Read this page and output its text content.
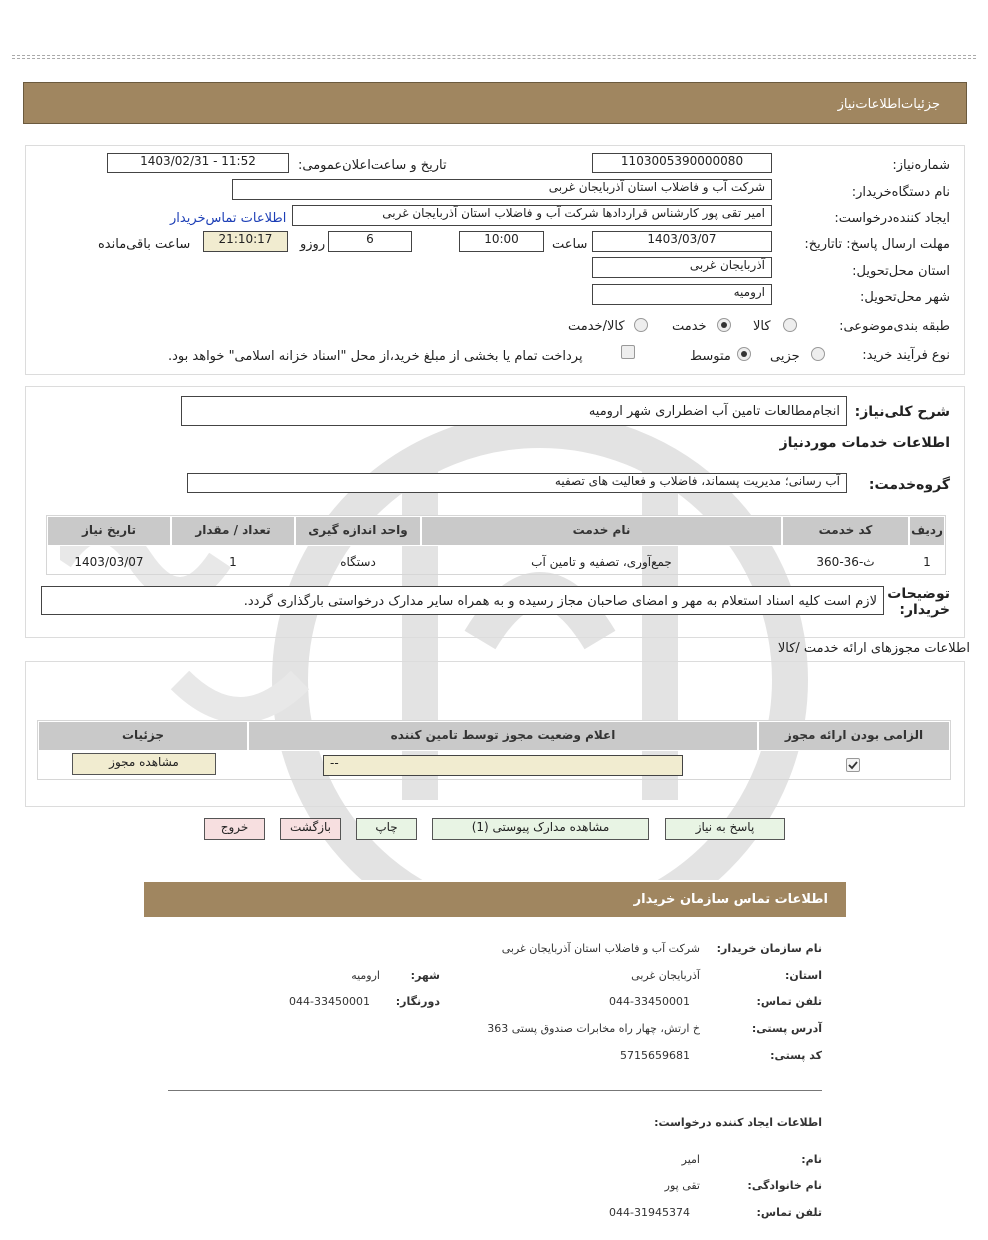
جزئیات‌اطلاعات‌نیاز
شماره‌نیاز:
1103005390000080
تاریخ و ساعت‌اعلان‌عمومی:
1403/02/31 - 11:52
نام دستگاه‌خریدار:
شرکت آب و فاضلاب استان آذربایجان غربی
ایجاد کننده‌درخواست:
امیر تقی پور کارشناس قراردادها شرکت آب و فاضلاب استان آذربایجان غربی
اطلاعات تماس‌خریدار
مهلت ارسال پاسخ: تاتاریخ:
1403/03/07
ساعت
10:00
6
روزو
21:10:17
ساعت باقی‌مانده
استان محل‌تحویل:
آذربایجان غربی
شهر محل‌تحویل:
ارومیه
طبقه بندی‌موضوعی:
کالا
خدمت
کالا/خدمت
نوع فرآیند خرید:
جزیی
متوسط
پرداخت تمام یا بخشی از مبلغ خرید،از محل "اسناد خزانه اسلامی" خواهد بود.
شرح کلی‌نیاز:
انجام‌مطالعات تامین آب اضطراری شهر ارومیه
اطلاعات خدمات مورد‌نیاز
گروه‌خدمت:
آب رسانی؛ مدیریت پسماند، فاضلاب و فعالیت های تصفیه
ردیف
کد خدمت
نام خدمت
واحد اندازه گیری
تعداد / مقدار
تاریخ نیاز
1
ث-36-360
جمع‌آوری، تصفیه و تامین آب
دستگاه
1
1403/03/07
توضیحات خریدار:
لازم است کلیه اسناد استعلام به مهر و امضای صاحبان مجاز رسیده و به همراه سایر مدارک درخواستی بارگذاری گردد.
اطلاعات مجوزهای ارائه خدمت /کالا
الزامی بودن ارائه مجوز
اعلام وضعیت مجوز توسط تامین کننده
جزئیات
--
مشاهده مجوز
پاسخ به نیاز
مشاهده مدارک پیوستی (1)
چاپ
بازگشت
خروج
اطلاعات تماس سازمان خریدار
نام سازمان خریدار:
شرکت آب و فاضلاب استان آذربایجان غربی
استان:
آذربایجان غربی
شهر:
ارومیه
تلفن تماس:
044-33450001
دورنگار:
044-33450001
آدرس پستی:
خ ارتش، چهار راه مخابرات صندوق پستی 363
کد پستی:
5715659681
اطلاعات ایجاد کننده درخواست:
نام:
امیر
نام خانوادگی:
تقی پور
تلفن تماس:
044-31945374
